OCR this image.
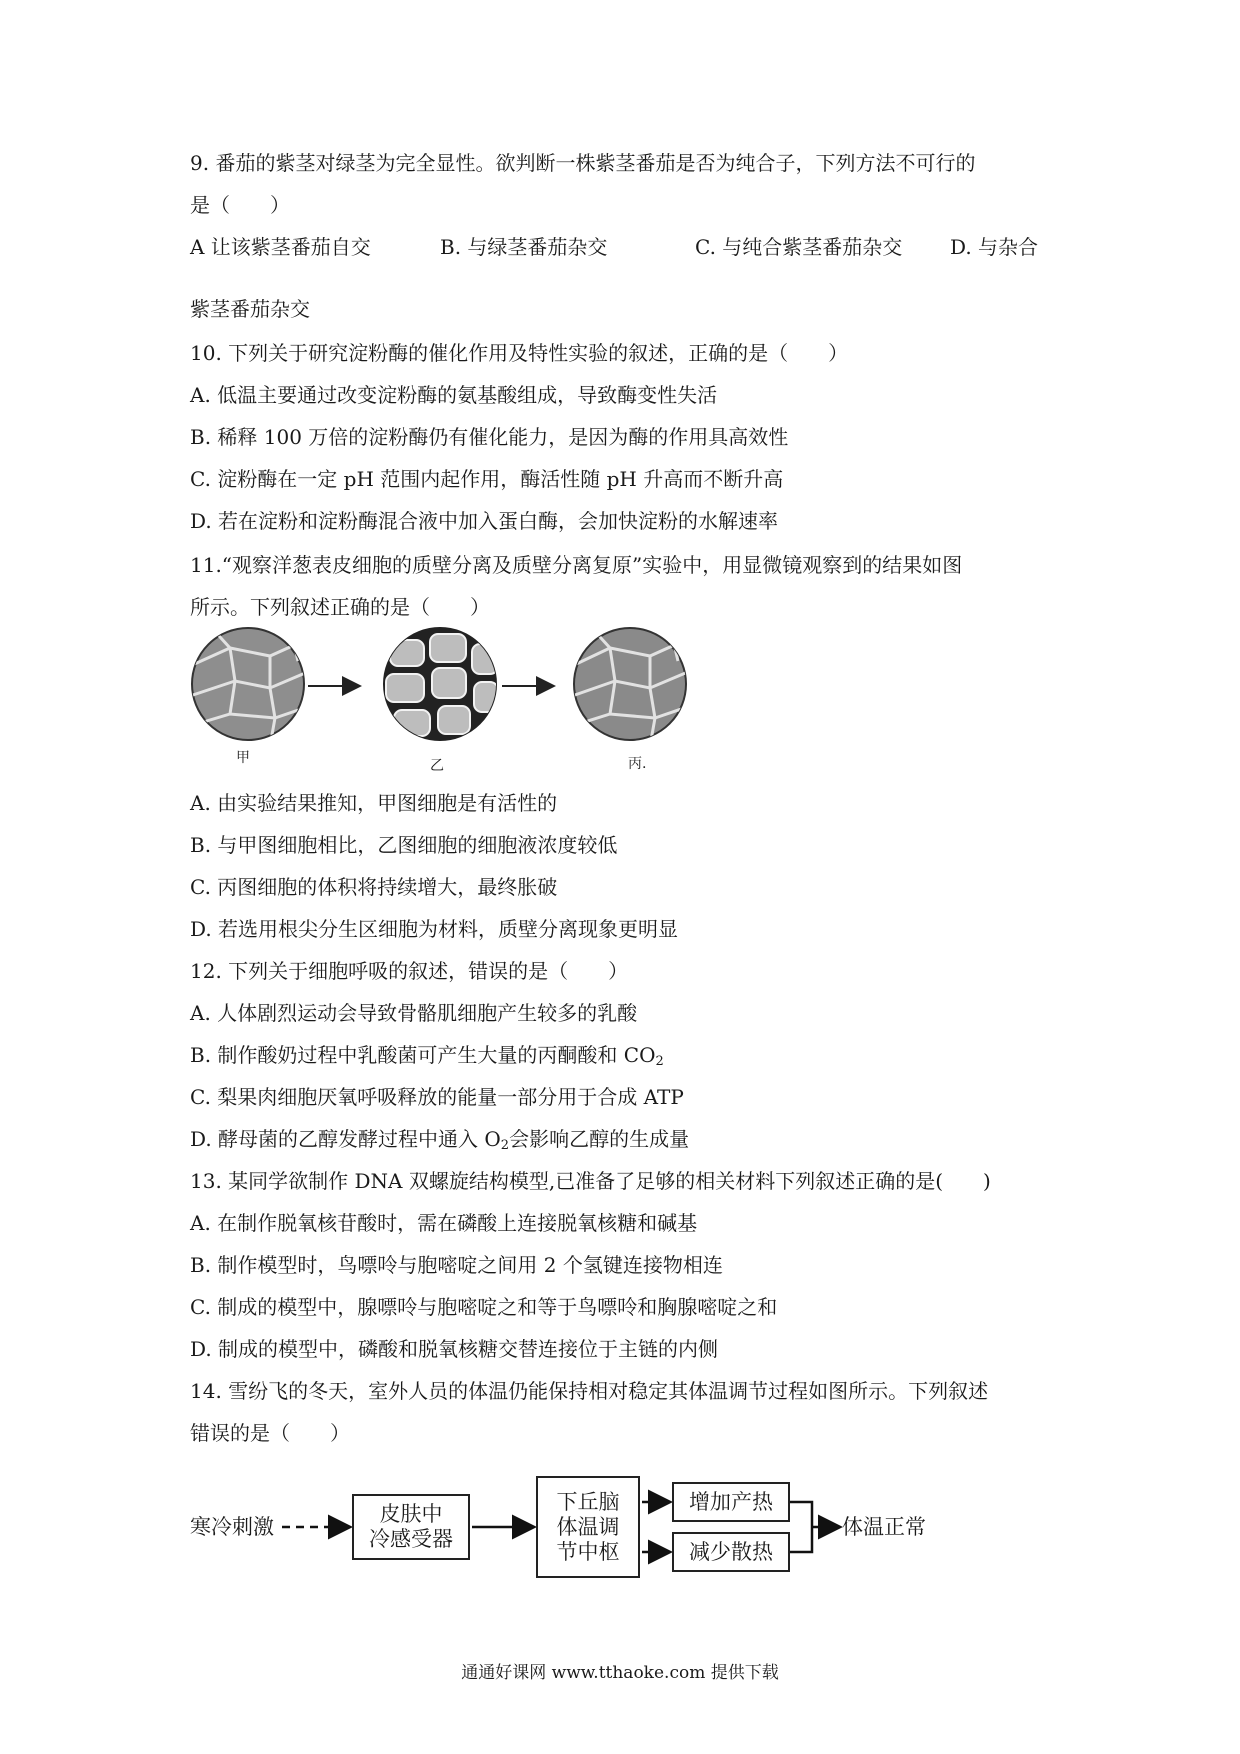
9. 番茄的紫茎对绿茎为完全显性。欲判断一株紫茎番茄是否为纯合子，下列方法不可行的
是（　　）
A 让该紫茎番茄自交	B. 与绿茎番茄杂交	C. 与纯合紫茎番茄杂交 D. 与杂合
紫茎番茄杂交
10. 下列关于研究淀粉酶的催化作用及特性实验的叙述，正确的是（　　）
A. 低温主要通过改变淀粉酶的氨基酸组成，导致酶变性失活
B. 稀释 100 万倍的淀粉酶仍有催化能力，是因为酶的作用具高效性
C. 淀粉酶在一定 pH 范围内起作用，酶活性随 pH 升高而不断升高
D. 若在淀粉和淀粉酶混合液中加入蛋白酶，会加快淀粉的水解速率
11.“观察洋葱表皮细胞的质壁分离及质壁分离复原”实验中，用显微镜观察到的结果如图
所示。下列叙述正确的是（　　）
甲	乙	丙.
A. 由实验结果推知，甲图细胞是有活性的
B. 与甲图细胞相比，乙图细胞的细胞液浓度较低
C. 丙图细胞的体积将持续增大，最终胀破
D. 若选用根尖分生区细胞为材料，质壁分离现象更明显
12. 下列关于细胞呼吸的叙述，错误的是（　　）
A. 人体剧烈运动会导致骨骼肌细胞产生较多的乳酸
B. 制作酸奶过程中乳酸菌可产生大量的丙酮酸和 $CO_2$
C. 梨果肉细胞厌氧呼吸释放的能量一部分用于合成 ATP
D. 酵母菌的乙醇发酵过程中通入 $O_2$会影响乙醇的生成量
13. 某同学欲制作 DNA 双螺旋结构模型,已准备了足够的相关材料下列叙述正确的是(　　)
A. 在制作脱氧核苷酸时，需在磷酸上连接脱氧核糖和碱基
B. 制作模型时，鸟嘌呤与胞嘧啶之间用 2 个氢键连接物相连
C. 制成的模型中，腺嘌呤与胞嘧啶之和等于鸟嘌呤和胸腺嘧啶之和
D. 制成的模型中，磷酸和脱氧核糖交替连接位于主链的内侧
14. 雪纷飞的冬天，室外人员的体温仍能保持相对稳定其体温调节过程如图所示。下列叙述
错误的是（　　）
寒冷刺激
皮肤中
冷感受器
下丘脑
体温调
节中枢
增加产热
减少散热
体温正常
通通好课网 www.tthaoke.com 提供下载
